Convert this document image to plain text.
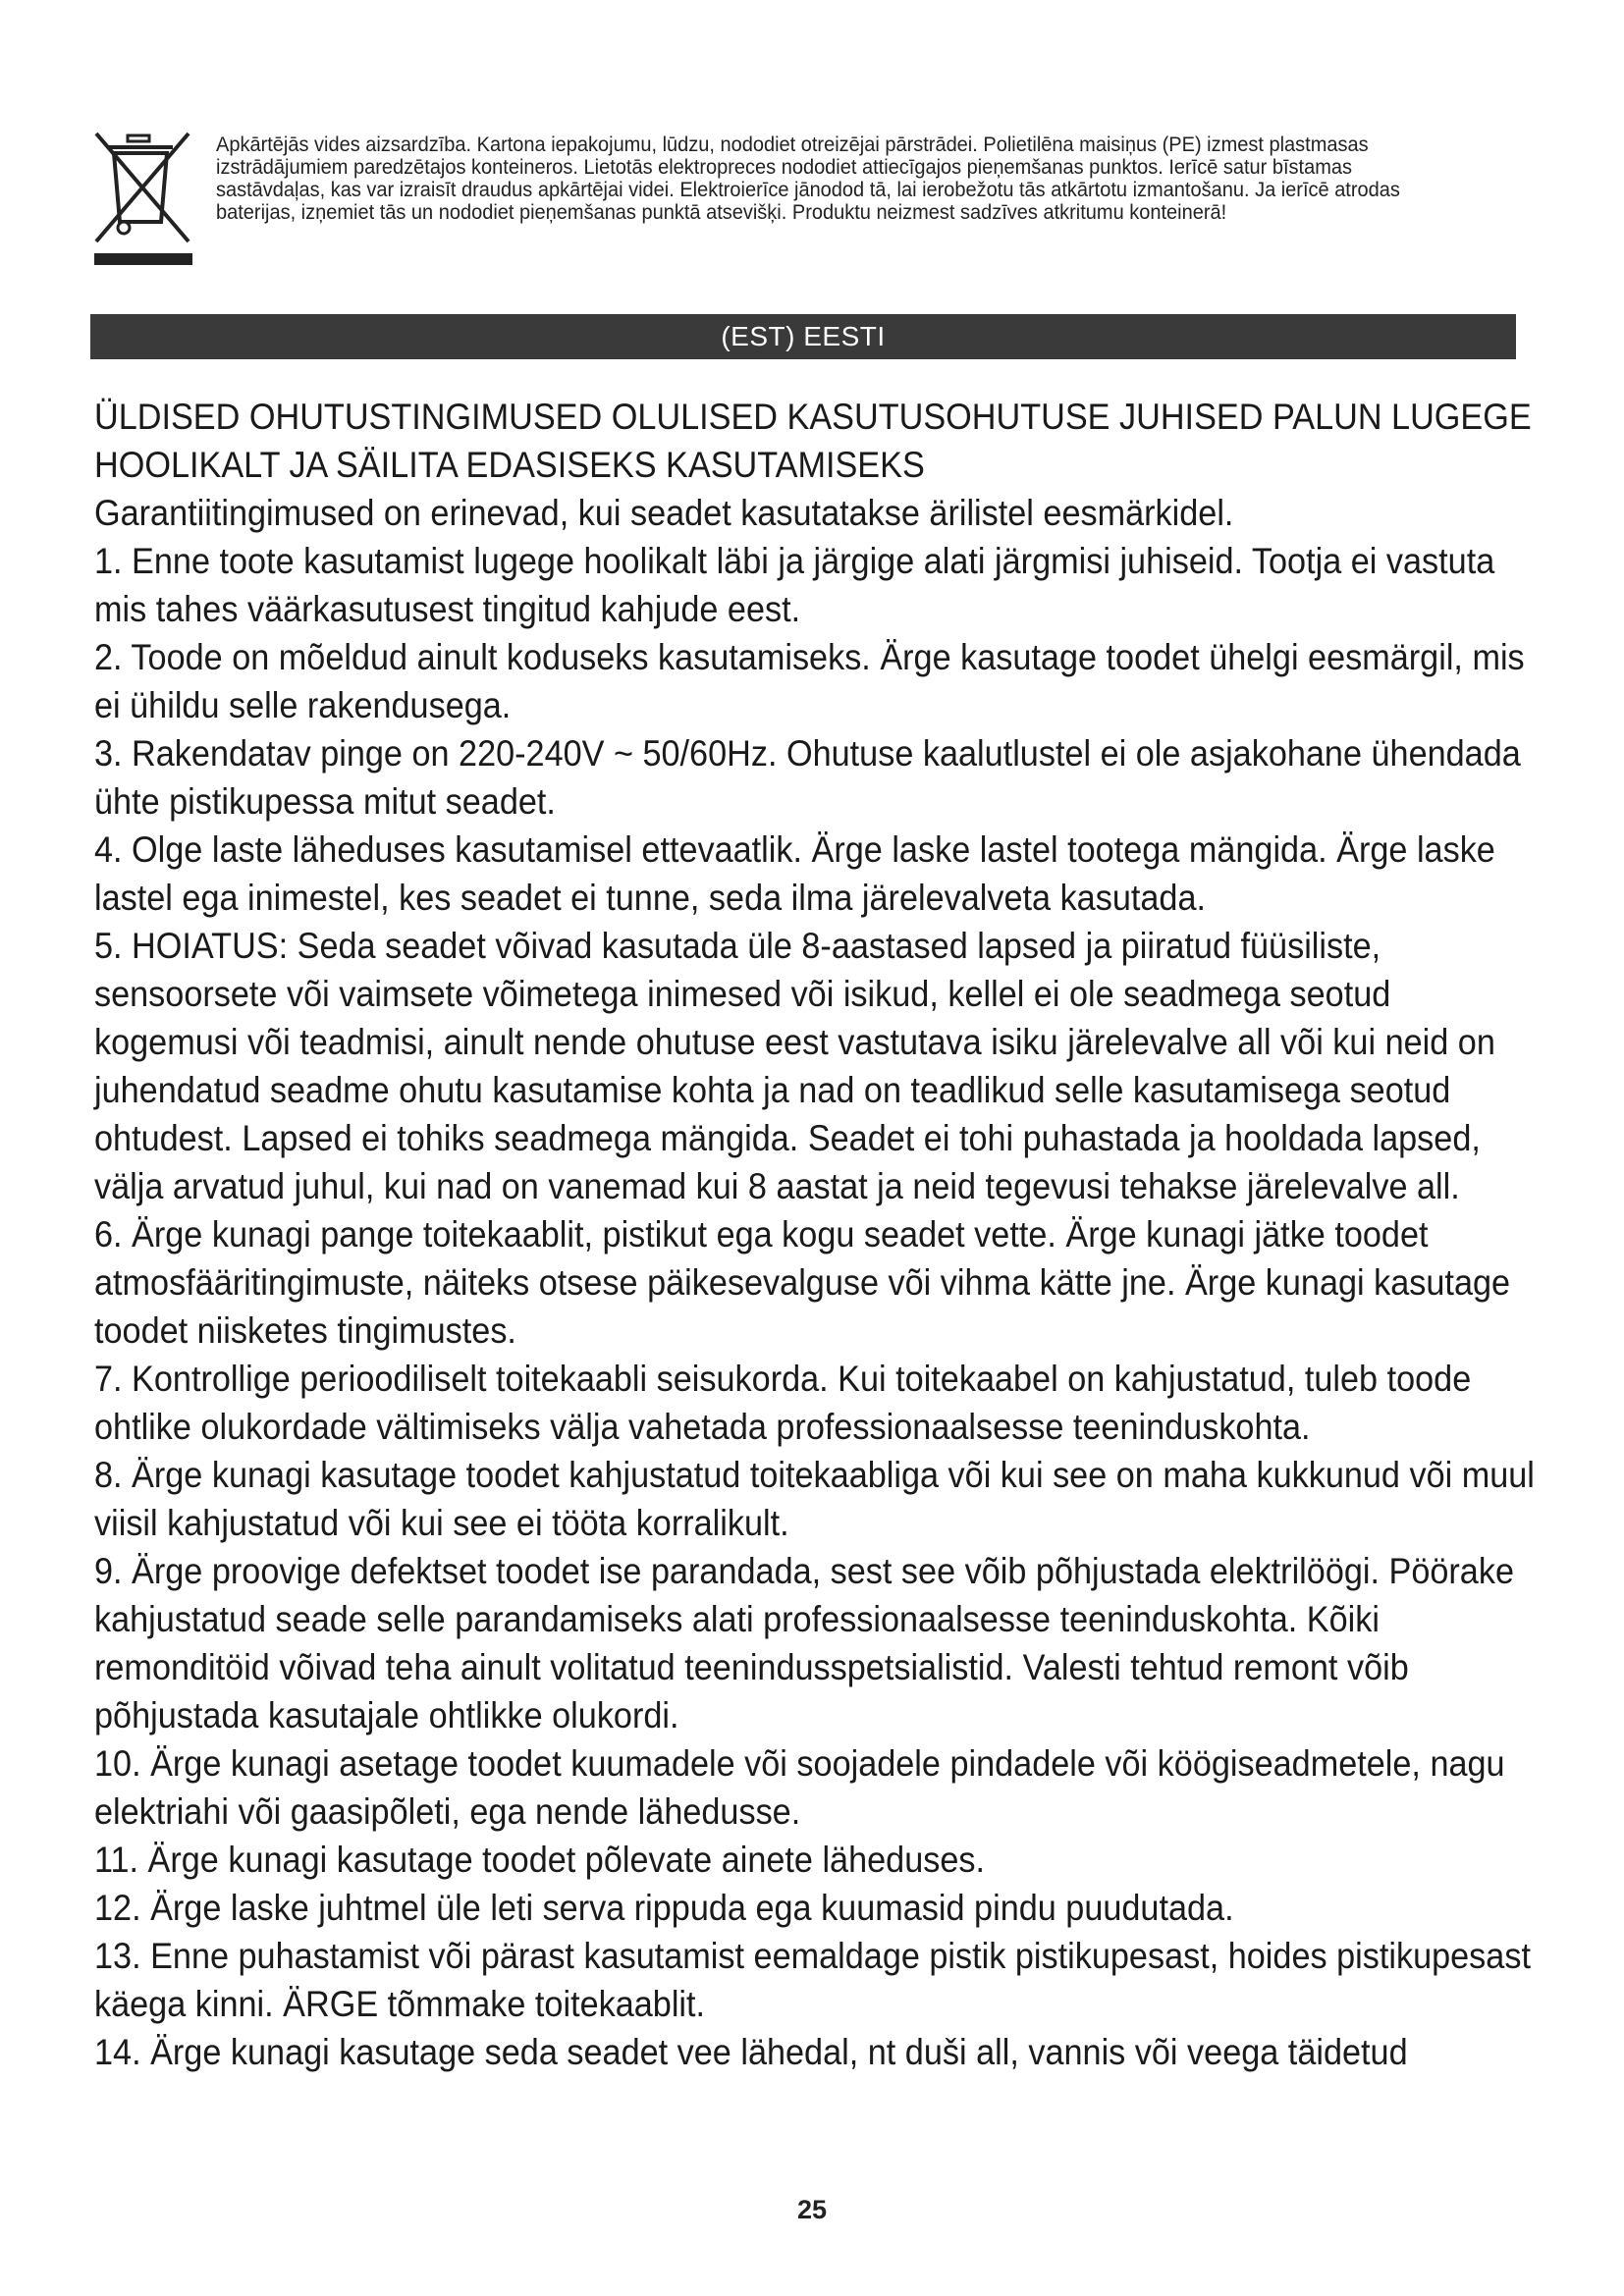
Apkārtējās vides aizsardzība. Kartona iepakojumu, lūdzu, nododiet otreizējai pārstrādei. Polietilēna maisiņus (PE) izmest plastmasas izstrādājumiem paredzētajos konteineros. Lietotās elektropreces nododiet attiecīgajos pieņemšanas punktos. Ierīcē satur bīstamas sastāvdaļas, kas var izraisīt draudus apkārtējai videi. Elektroierīce jānodod tā, lai ierobežotu tās atkārtotu izmantošanu. Ja ierīcē atrodas baterijas, izņemiet tās un nododiet pieņemšanas punktā atsevišķi. Produktu neizmest sadzīves atkritumu konteinerā!
(EST) EESTI

ÜLDISED OHUTUSTINGIMUSED OLULISED KASUTUSOHUTUSE JUHISED PALUN LUGEGE HOOLIKALT JA SÄILITA EDASISEKS KASUTAMISEKS

Garantiitingimused on erinevad, kui seadet kasutatakse ärilistel eesmärkidel.

1. Enne toote kasutamist lugege hoolikalt läbi ja järgige alati järgmisi juhiseid. Tootja ei vastuta mis tahes väärkasutusest tingitud kahjude eest.

2. Toode on mõeldud ainult koduseks kasutamiseks. Ärge kasutage toodet ühelgi eesmärgil, mis ei ühildu selle rakendusega.

3. Rakendatav pinge on 220-240V ~ 50/60Hz. Ohutuse kaalutlustel ei ole asjakohane ühendada ühte pistikupessa mitut seadet.

4. Olge laste läheduses kasutamisel ettevaatlik. Ärge laske lastel tootega mängida. Ärge laske lastel ega inimestel, kes seadet ei tunne, seda ilma järelevalveta kasutada.

5. HOIATUS: Seda seadet võivad kasutada üle 8-aastased lapsed ja piiratud füüsiliste, sensoorsete või vaimsete võimetega inimesed või isikud, kellel ei ole seadmega seotud kogemusi või teadmisi, ainult nende ohutuse eest vastutava isiku järelevalve all või kui neid on juhendatud seadme ohutu kasutamise kohta ja nad on teadlikud selle kasutamisega seotud ohtudest. Lapsed ei tohiks seadmega mängida. Seadet ei tohi puhastada ja hooldada lapsed, välja arvatud juhul, kui nad on vanemad kui 8 aastat ja neid tegevusi tehakse järelevalve all.

6. Ärge kunagi pange toitekaablit, pistikut ega kogu seadet vette. Ärge kunagi jätke toodet atmosfääritingimuste, näiteks otsese päikesevalguse või vihma kätte jne. Ärge kunagi kasutage toodet niisketes tingimustes.

7. Kontrollige perioodiliselt toitekaabli seisukorda. Kui toitekaabel on kahjustatud, tuleb toode ohtlike olukordade vältimiseks välja vahetada professionaalsesse teeninduskohta.

8. Ärge kunagi kasutage toodet kahjustatud toitekaabliga või kui see on maha kukkunud või muul viisil kahjustatud või kui see ei tööta korralikult.

9. Ärge proovige defektset toodet ise parandada, sest see võib põhjustada elektrilöögi. Pöörake kahjustatud seade selle parandamiseks alati professionaalsesse teeninduskohta. Kõiki remonditöid võivad teha ainult volitatud teenindusspetsialistid. Valesti tehtud remont võib põhjustada kasutajale ohtlikke olukordi.

10. Ärge kunagi asetage toodet kuumadele või soojadele pindadele või köögiseadmetele, nagu elektriahi või gaasipõleti, ega nende lähedusse.

11. Ärge kunagi kasutage toodet põlevate ainete läheduses.

12. Ärge laske juhtmel üle leti serva rippuda ega kuumasid pindu puudutada.

13. Enne puhastamist või pärast kasutamist eemaldage pistik pistikupesast, hoides pistikupesast käega kinni. ÄRGE tõmmake toitekaablit.

14. Ärge kunagi kasutage seda seadet vee lähedal, nt duši all, vannis või veega täidetud

25
